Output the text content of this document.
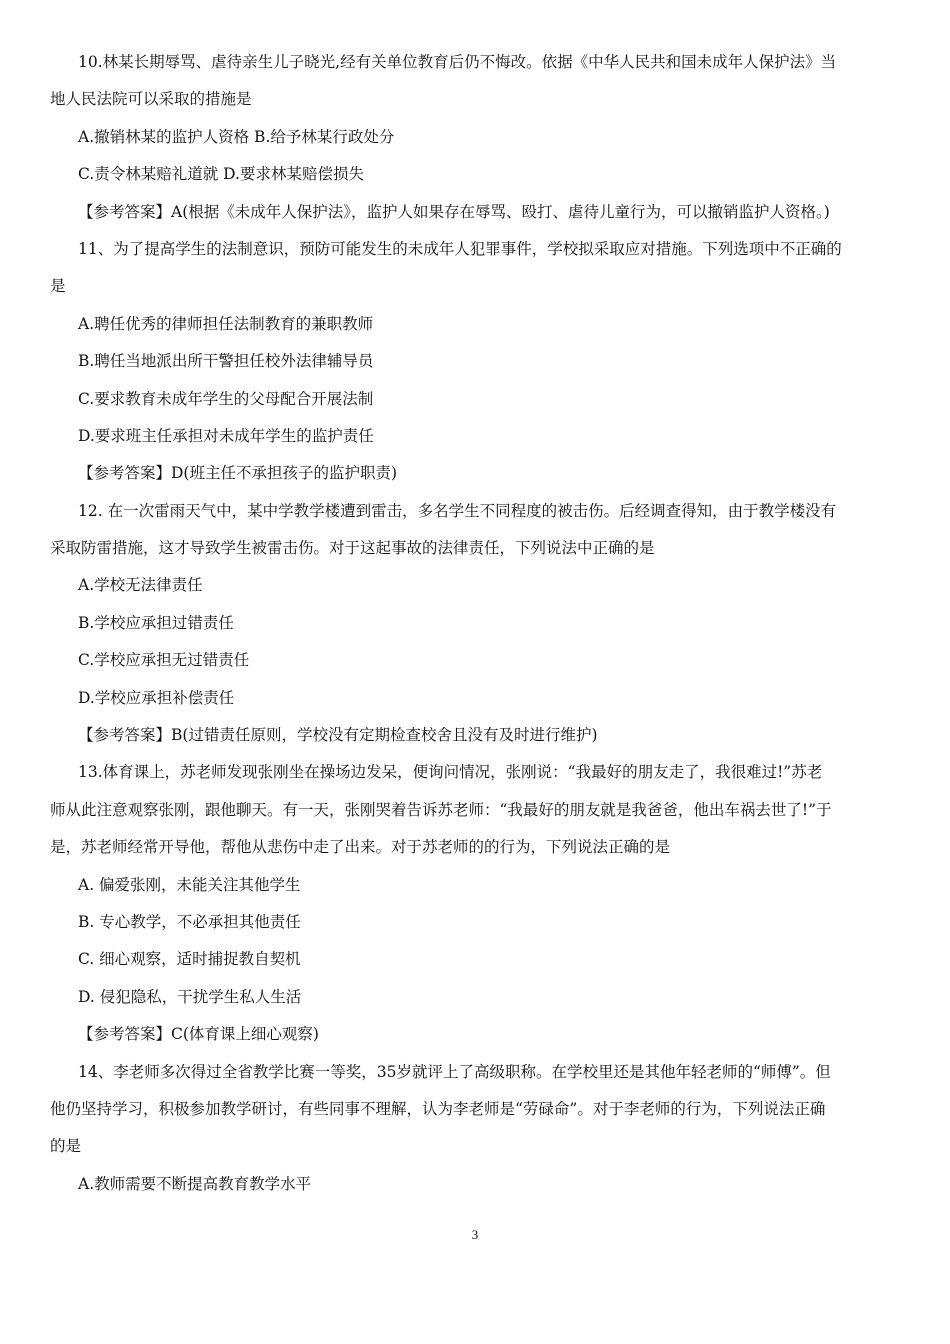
10.林某长期辱骂、虐待亲生儿子晓光,经有关单位教育后仍不悔改。依据《中华人民共和国未成年人保护法》当
地人民法院可以采取的措施是
A.撤销林某的监护人资格 B.给予林某行政处分
C.责令林某赔礼道就 D.要求林某赔偿损失
【参考答案】A(根据《未成年人保护法》，监护人如果存在辱骂、殴打、虐待儿童行为，可以撤销监护人资格。)
11、为了提高学生的法制意识，预防可能发生的未成年人犯罪事件，学校拟采取应对措施。下列选项中不正确的
是
A.聘任优秀的律师担任法制教育的兼职教师
B.聘任当地派出所干警担任校外法律辅导员
C.要求教育未成年学生的父母配合开展法制
D.要求班主任承担对未成年学生的监护责任
【参考答案】D(班主任不承担孩子的监护职责)
12. 在一次雷雨天气中，某中学教学楼遭到雷击，多名学生不同程度的被击伤。后经调查得知，由于教学楼没有
采取防雷措施，这才导致学生被雷击伤。对于这起事故的法律责任，下列说法中正确的是
A.学校无法律责任
B.学校应承担过错责任
C.学校应承担无过错责任
D.学校应承担补偿责任
【参考答案】B(过错责任原则，学校没有定期检查校舍且没有及时进行维护)
13.体育课上，苏老师发现张刚坐在操场边发呆，便询问情况，张刚说：“我最好的朋友走了，我很难过!”苏老
师从此注意观察张刚，跟他聊天。有一天，张刚哭着告诉苏老师：“我最好的朋友就是我爸爸，他出车祸去世了!”于
是，苏老师经常开导他，帮他从悲伤中走了出来。对于苏老师的的行为，下列说法正确的是
A. 偏爱张刚，未能关注其他学生
B. 专心教学，不必承担其他责任
C. 细心观察，适时捕捉教自契机
D. 侵犯隐私，干扰学生私人生活
【参考答案】C(体育课上细心观察)
14、李老师多次得过全省教学比赛一等奖，35岁就评上了高级职称。在学校里还是其他年轻老师的“师傅”。但
他仍坚持学习，积极参加教学研讨，有些同事不理解，认为李老师是“劳碌命”。对于李老师的行为，下列说法正确
的是
A.教师需要不断提高教育教学水平
3
